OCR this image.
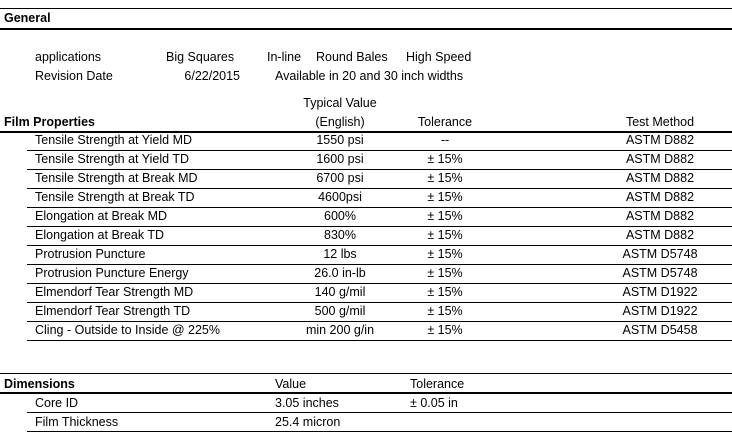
General
applications	Big Squares	In-line Round Bales High Speed
Revision Date	6/22/2015	Available in 20 and 30 inch widths
Typical Value
Film Properties	(English)	Tolerance	Test Method
Tensile Strength at Yield MD	1550 psi	--	ASTM D882
Tensile Strength at Yield TD	1600 psi	± 15%	ASTM D882
Tensile Strength at Break MD	6700 psi	± 15%	ASTM D882
Tensile Strength at Break TD	4600psi	± 15%	ASTM D882
Elongation at Break MD	600%	± 15%	ASTM D882
Elongation at Break TD	830%	± 15%	ASTM D882
Protrusion Puncture	12 lbs	± 15%	ASTM D5748
Protrusion Puncture Energy	26.0 in-lb	± 15%	ASTM D5748
Elmendorf Tear Strength MD	140 g/mil	± 15%	ASTM D1922
Elmendorf Tear Strength TD	500 g/mil	± 15%	ASTM D1922
Cling - Outside to Inside @ 225%	min 200 g/in	± 15%	ASTM D5458
Dimensions	Value	Tolerance
Core ID	3.05 inches	± 0.05 in
Film Thickness	25.4 micron
